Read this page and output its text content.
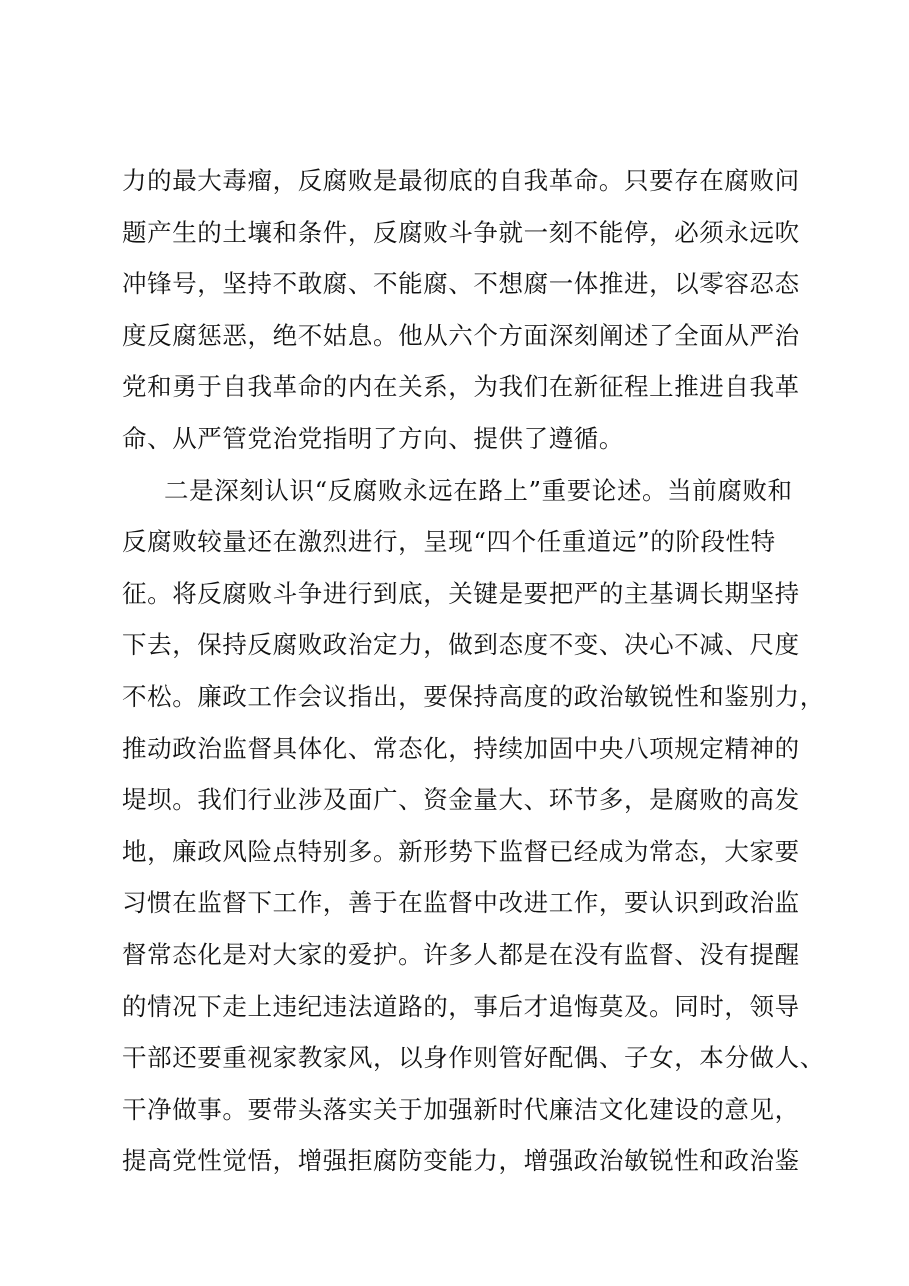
力的最大毒瘤，反腐败是最彻底的自我革命。只要存在腐败问
题产生的土壤和条件，反腐败斗争就一刻不能停，必须永远吹
冲锋号，坚持不敢腐、不能腐、不想腐一体推进，以零容忍态
度反腐惩恶，绝不姑息。他从六个方面深刻阐述了全面从严治
党和勇于自我革命的内在关系，为我们在新征程上推进自我革
命、从严管党治党指明了方向、提供了遵循。
二是深刻认识“反腐败永远在路上”重要论述。当前腐败和
反腐败较量还在激烈进行，呈现“四个任重道远”的阶段性特
征。将反腐败斗争进行到底，关键是要把严的主基调长期坚持
下去，保持反腐败政治定力，做到态度不变、决心不减、尺度
不松。廉政工作会议指出，要保持高度的政治敏锐性和鉴别力，
推动政治监督具体化、常态化，持续加固中央八项规定精神的
堤坝。我们行业涉及面广、资金量大、环节多，是腐败的高发
地，廉政风险点特别多。新形势下监督已经成为常态，大家要
习惯在监督下工作，善于在监督中改进工作，要认识到政治监
督常态化是对大家的爱护。许多人都是在没有监督、没有提醒
的情况下走上违纪违法道路的，事后才追悔莫及。同时，领导
干部还要重视家教家风，以身作则管好配偶、子女，本分做人、
干净做事。要带头落实关于加强新时代廉洁文化建设的意见，
提高党性觉悟，增强拒腐防变能力，增强政治敏锐性和政治鉴
